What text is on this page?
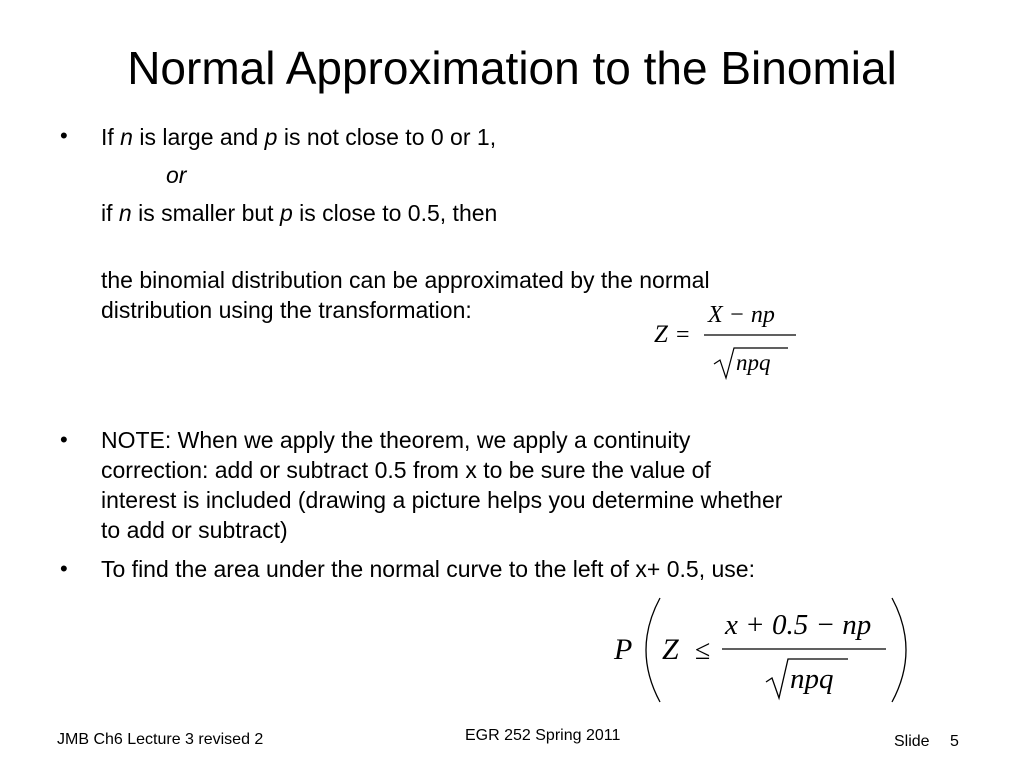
Normal Approximation to the Binomial
• If n is large and p is not close to 0 or 1,
or
if n is smaller but p is close to 0.5, then
the binomial distribution can be approximated by the normal
distribution using the transformation:
Z =
X − np
npq
• NOTE: When we apply the theorem, we apply a continuity
correction: add or subtract 0.5 from x to be sure the value of
interest is included (drawing a picture helps you determine whether
to add or subtract)
• To find the area under the normal curve to the left of x+ 0.5, use:
P Z ≤
x + 0.5 − np
npq
JMB Ch6 Lecture 3 revised 2	EGR 252 Spring 2011	Slide 5
